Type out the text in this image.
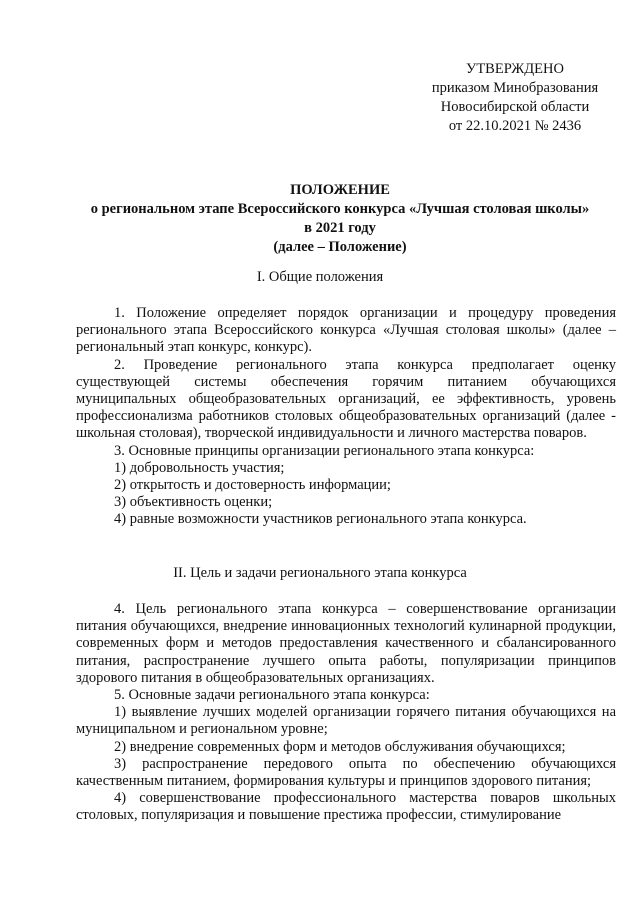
УТВЕРЖДЕНО
приказом Минобразования
Новосибирской области
от 22.10.2021 № 2436
ПОЛОЖЕНИЕ
о региональном этапе Всероссийского конкурса «Лучшая столовая школы»
в 2021 году
(далее – Положение)
I. Общие положения

1. Положение определяет порядок организации и процедуру проведения регионального этапа Всероссийского конкурса «Лучшая столовая школы» (далее – региональный этап конкурс, конкурс).

2. Проведение регионального этапа конкурса предполагает оценку существующей системы обеспечения горячим питанием обучающихся муниципальных общеобразовательных организаций, ее эффективность, уровень профессионализма работников столовых общеобразовательных организаций (далее - школьная столовая), творческой индивидуальности и личного мастерства поваров.

3. Основные принципы организации регионального этапа конкурса:

1) добровольность участия;

2) открытость и достоверность информации;

3) объективность оценки;

4) равные возможности участников регионального этапа конкурса.

II. Цель и задачи регионального этапа конкурса

4. Цель регионального этапа конкурса – совершенствование организации питания обучающихся, внедрение инновационных технологий кулинарной продукции, современных форм и методов предоставления качественного и сбалансированного питания, распространение лучшего опыта работы, популяризации принципов здорового питания в общеобразовательных организациях.

5. Основные задачи регионального этапа конкурса:

1) выявление лучших моделей организации горячего питания обучающихся на муниципальном и региональном уровне;

2) внедрение современных форм и методов обслуживания обучающихся;

3) распространение передового опыта по обеспечению обучающихся качественным питанием, формирования культуры и принципов здорового питания;

4) совершенствование профессионального мастерства поваров школьных столовых, популяризация и повышение престижа профессии, стимулирование
